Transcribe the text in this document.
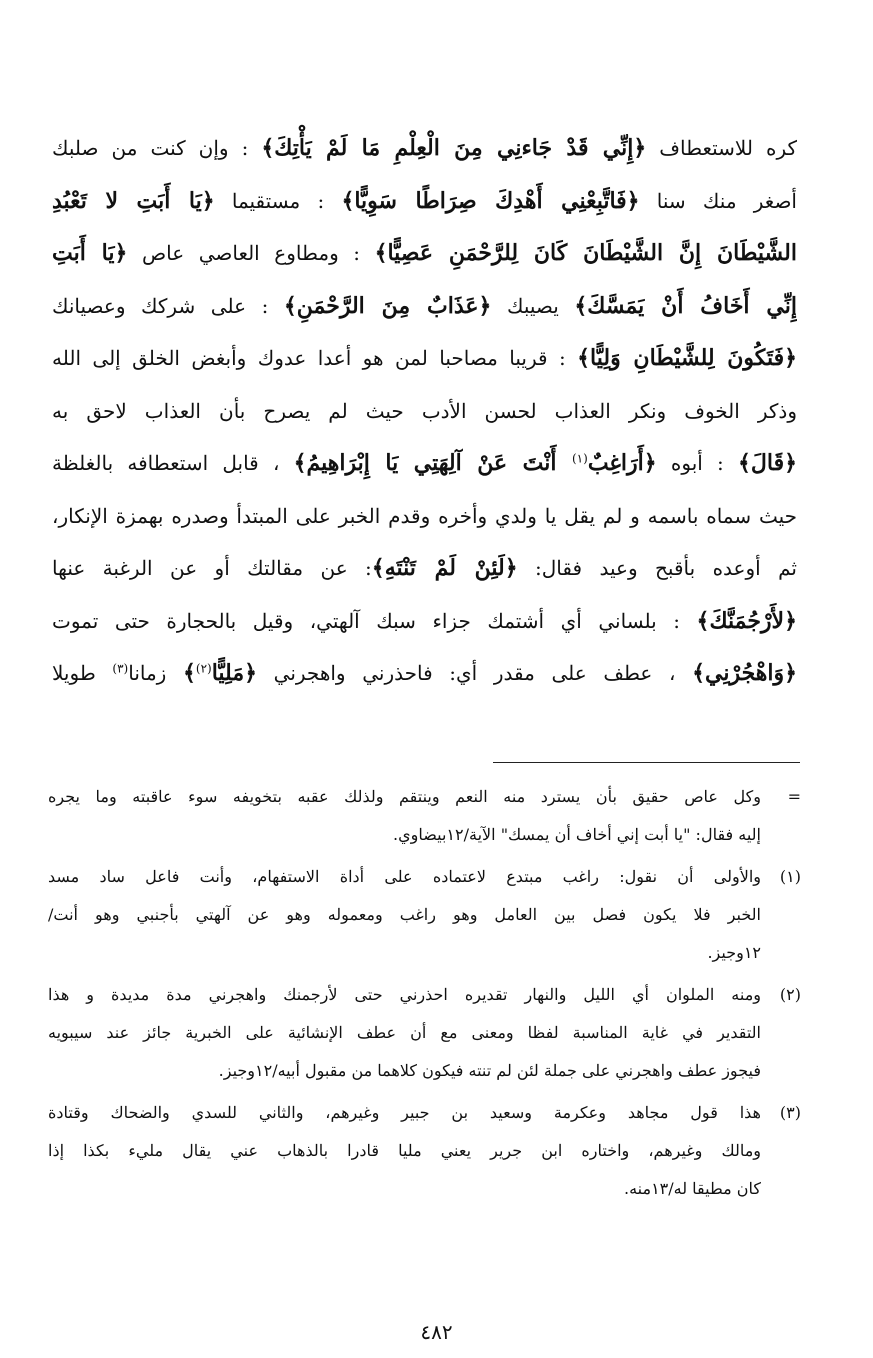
كره للاستعطاف ﴿إِنِّي قَدْ جَاءنِي مِنَ الْعِلْمِ مَا لَمْ يَأْتِكَ﴾ : وإن كنت من صلبك
أصغر منك سنا ﴿فَاتَّبِعْنِي أَهْدِكَ صِرَاطًا سَوِيًّا﴾ : مستقيما ﴿يَا أَبَتِ لا تَعْبُدِ
الشَّيْطَانَ إِنَّ الشَّيْطَانَ كَانَ لِلرَّحْمَنِ عَصِيًّا﴾ : ومطاوع العاصي عاص ﴿يَا أَبَتِ
إِنِّي أَخَافُ أَنْ يَمَسَّكَ﴾ يصيبك ﴿عَذَابٌ مِنَ الرَّحْمَنِ﴾ : على شركك وعصيانك
﴿فَتَكُونَ لِلشَّيْطَانِ وَلِيًّا﴾ : قريبا مصاحبا لمن هو أعدا عدوك وأبغض الخلق إلى الله
وذكر الخوف ونكر العذاب لحسن الأدب حيث لم يصرح بأن العذاب لاحق به
﴿قَالَ﴾ : أبوه ﴿أَرَاغِبٌ$^{(١)}$ أَنْتَ عَنْ آلِهَتِي يَا إِبْرَاهِيمُ﴾ ، قابل استعطافه بالغلظة
حيث سماه باسمه و لم يقل يا ولدي وأخره وقدم الخبر على المبتدأ وصدره بهمزة الإنكار،
ثم أوعده بأقبح وعيد فقال: ﴿لَئِنْ لَمْ تَنْتَهِ﴾: عن مقالتك أو عن الرغبة عنها
﴿لأَرْجُمَنَّكَ﴾ : بلساني أي أشتمك جزاء سبك آلهتي، وقيل بالحجارة حتى تموت
﴿وَاهْجُرْنِي﴾ ، عطف على مقدر أي: فاحذرني واهجرني ﴿مَلِيًّا$^{(٢)}$﴾ زمانا$^{(٣)}$ طويلا
=
وكل عاص حقيق بأن يسترد منه النعم وينتقم ولذلك عقبه بتخويفه سوء عاقبته وما يجره
إليه فقال: "يا أبت إني أخاف أن يمسك" الآية/١٢بيضاوي.
(١)
والأولى أن نقول: راغب مبتدع لاعتماده على أداة الاستفهام، وأنت فاعل ساد مسد
الخبر فلا يكون فصل بين العامل وهو راغب ومعموله وهو عن آلهتي بأجنبي وهو أنت/
١٢وجيز.
(٢)
ومنه الملوان أي الليل والنهار تقديره احذرني حتى لأرجمنك واهجرني مدة مديدة و هذا
التقدير في غاية المناسبة لفظا ومعنى مع أن عطف الإنشائية على الخبرية جائز عند سيبويه
فيجوز عطف واهجرني على جملة لئن لم تنته فيكون كلاهما من مقبول أبيه/١٢وجيز.
(٣)
هذا قول مجاهد وعكرمة وسعيد بن جبير وغيرهم، والثاني للسدي والضحاك وقتادة
ومالك وغيرهم، واختاره ابن جرير يعني مليا قادرا بالذهاب عني يقال مليء بكذا إذا
كان مطيقا له/١٣منه.
٤٨٢
